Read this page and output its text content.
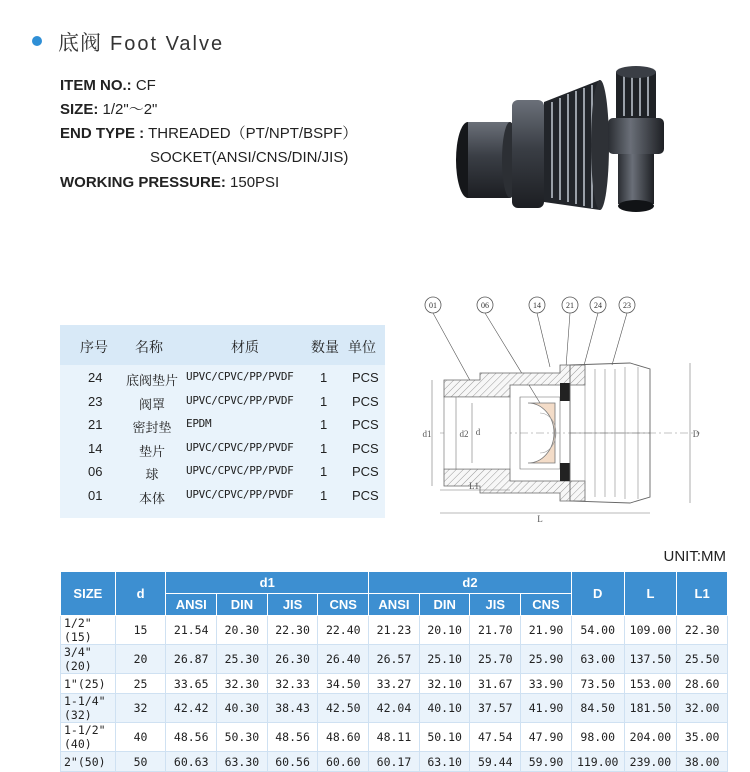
底阀 Foot Valve
ITEM NO.: CF
SIZE: 1/2"～2"
END TYPE : THREADED（PT/NPT/BSPF）
SOCKET(ANSI/CNS/DIN/JIS)
WORKING PRESSURE: 150PSI
序号 名称	材质	数量 单位
24	底阀垫片 UPVC/CPVC/PP/PVDF 1 PCS
23	阀罩	UPVC/CPVC/PP/PVDF 1 PCS
21	密封垫	EPDM	1 PCS
14	垫片	UPVC/CPVC/PP/PVDF 1 PCS
06	球	UPVC/CPVC/PP/PVDF 1 PCS
01	本体	UPVC/CPVC/PP/PVDF 1 PCS
01	06	14	21	24	23
d1	d2 d	D
L1
L
UNIT:MM
SIZE	d	d1				d2				D	L	L1
		ANSI	DIN	JIS	CNS	ANSI	DIN	JIS	CNS			
1/2"(15)	15	21.54	20.30	22.30	22.40	21.23	20.10	21.70	21.90	54.00	109.00	22.30
3/4"(20)	20	26.87	25.30	26.30	26.40	26.57	25.10	25.70	25.90	63.00	137.50	25.50
1"(25)	25	33.65	32.30	32.33	34.50	33.27	32.10	31.67	33.90	73.50	153.00	28.60
1-1/4"(32)	32	42.42	40.30	38.43	42.50	42.04	40.10	37.57	41.90	84.50	181.50	32.00
1-1/2"(40)	40	48.56	50.30	48.56	48.60	48.11	50.10	47.54	47.90	98.00	204.00	35.00
2"(50)	50	60.63	63.30	60.56	60.60	60.17	63.10	59.44	59.90	119.00	239.00	38.00
